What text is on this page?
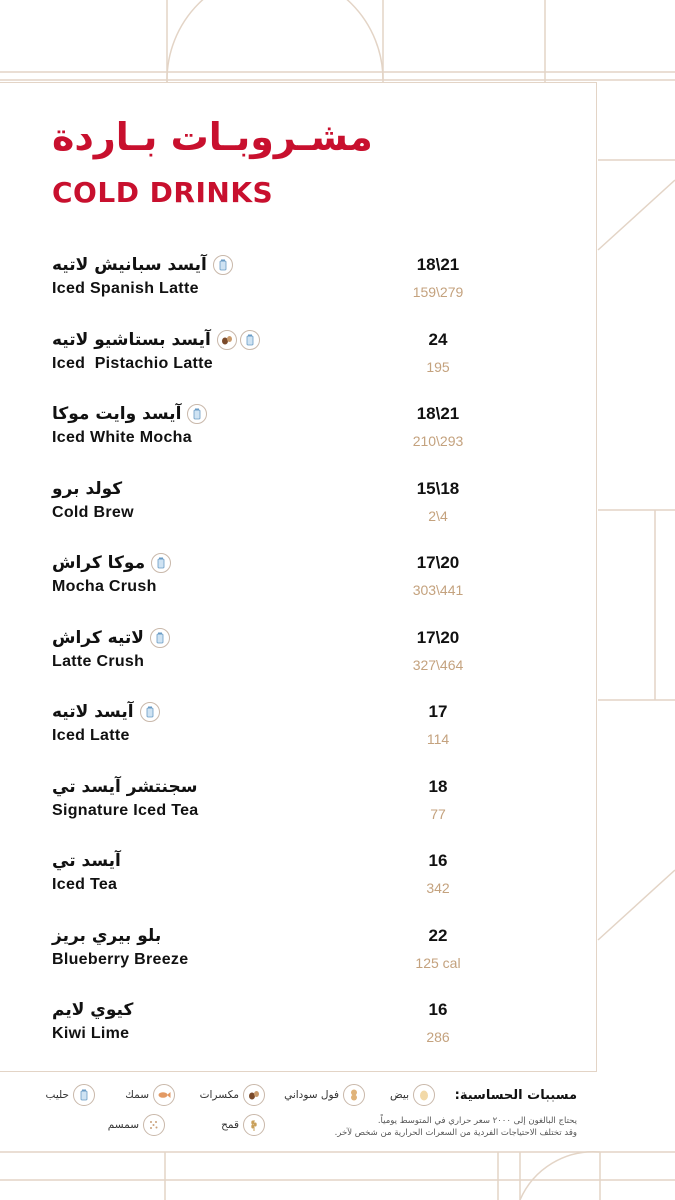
مشـروبـات بـاردة
COLD DRINKS
آيسد سبانيش لاتيه
Iced Spanish Latte
18\21
159\279
آيسد بستاشيو لاتيه
Iced  Pistachio Latte
24
195
آيسد وايت موكا
Iced White Mocha
18\21
210\293
كولد برو
Cold Brew
15\18
2\4
موكا كراش
Mocha Crush
17\20
303\441
لاتيه كراش
Latte Crush
17\20
327\464
آيسد لاتيه
Iced Latte
17
114
سجنتشر آيسد تي
Signature Iced Tea
18
77
آيسد تي
Iced Tea
16
342
بلو بيري بريز
Blueberry Breeze
22
125 cal
كيوي لايم
Kiwi Lime
16
286
مسببات الحساسية:
بيض
فول سوداني
مكسرات
سمك
حليب
قمح
سمسم	يحتاج البالغون إلى ٢٠٠٠ سعر حراري في المتوسط يومياً.
وقد تختلف الاحتياجات الفردية من السعرات الحرارية من شخص لآخر.
